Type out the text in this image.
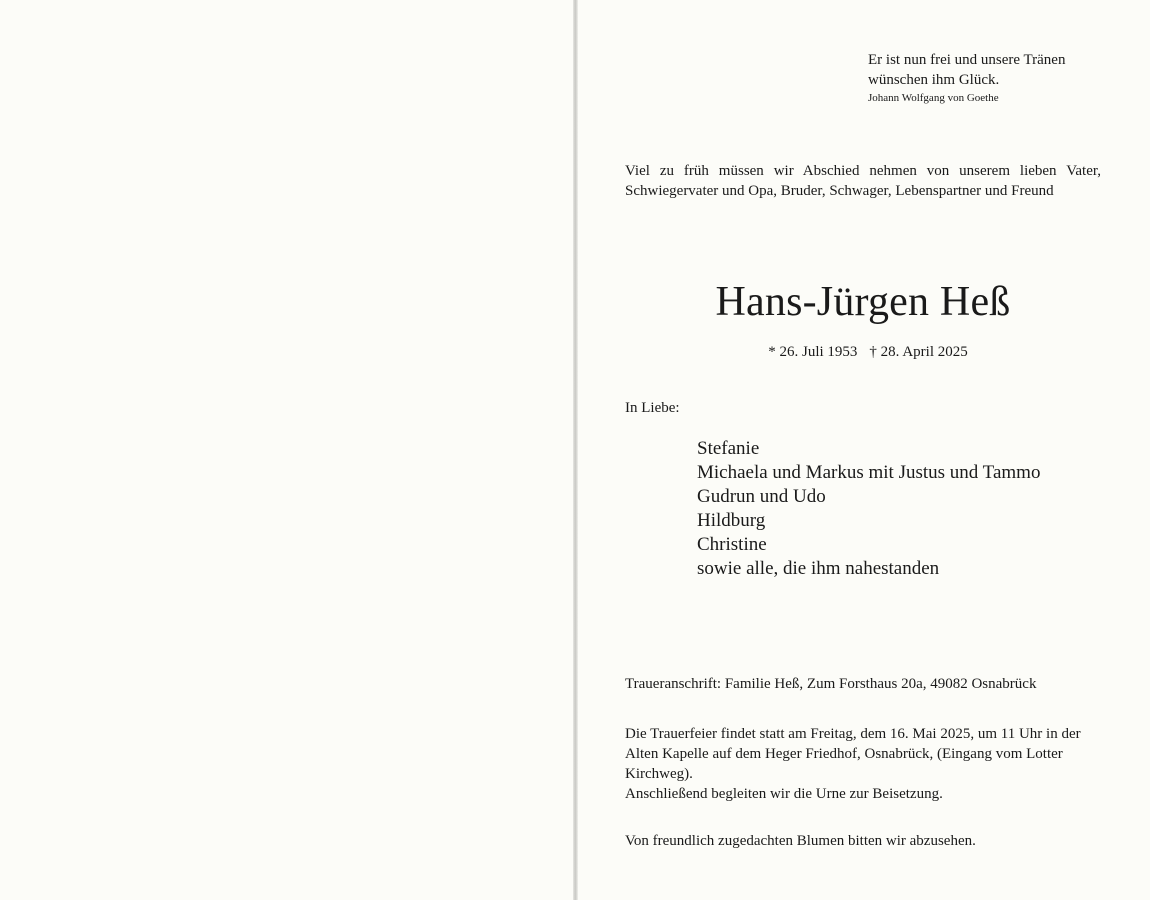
Er ist nun frei und unsere Tränen
wünschen ihm Glück.
Johann Wolfgang von Goethe
Viel zu früh müssen wir Abschied nehmen von unserem lieben Vater, Schwiegervater und Opa, Bruder, Schwager, Lebenspartner und Freund
Hans-Jürgen Heß
* 26. Juli 1953 † 28. April 2025
In Liebe:
Stefanie
Michaela und Markus mit Justus und Tammo
Gudrun und Udo
Hildburg
Christine
sowie alle, die ihm nahestanden
Traueranschrift: Familie Heß, Zum Forsthaus 20a, 49082 Osnabrück

Die Trauerfeier findet statt am Freitag, dem 16. Mai 2025, um 11 Uhr in der Alten Kapelle auf dem Heger Friedhof, Osnabrück, (Eingang vom Lotter Kirchweg).

Anschließend begleiten wir die Urne zur Beisetzung.

Von freundlich zugedachten Blumen bitten wir abzusehen.
